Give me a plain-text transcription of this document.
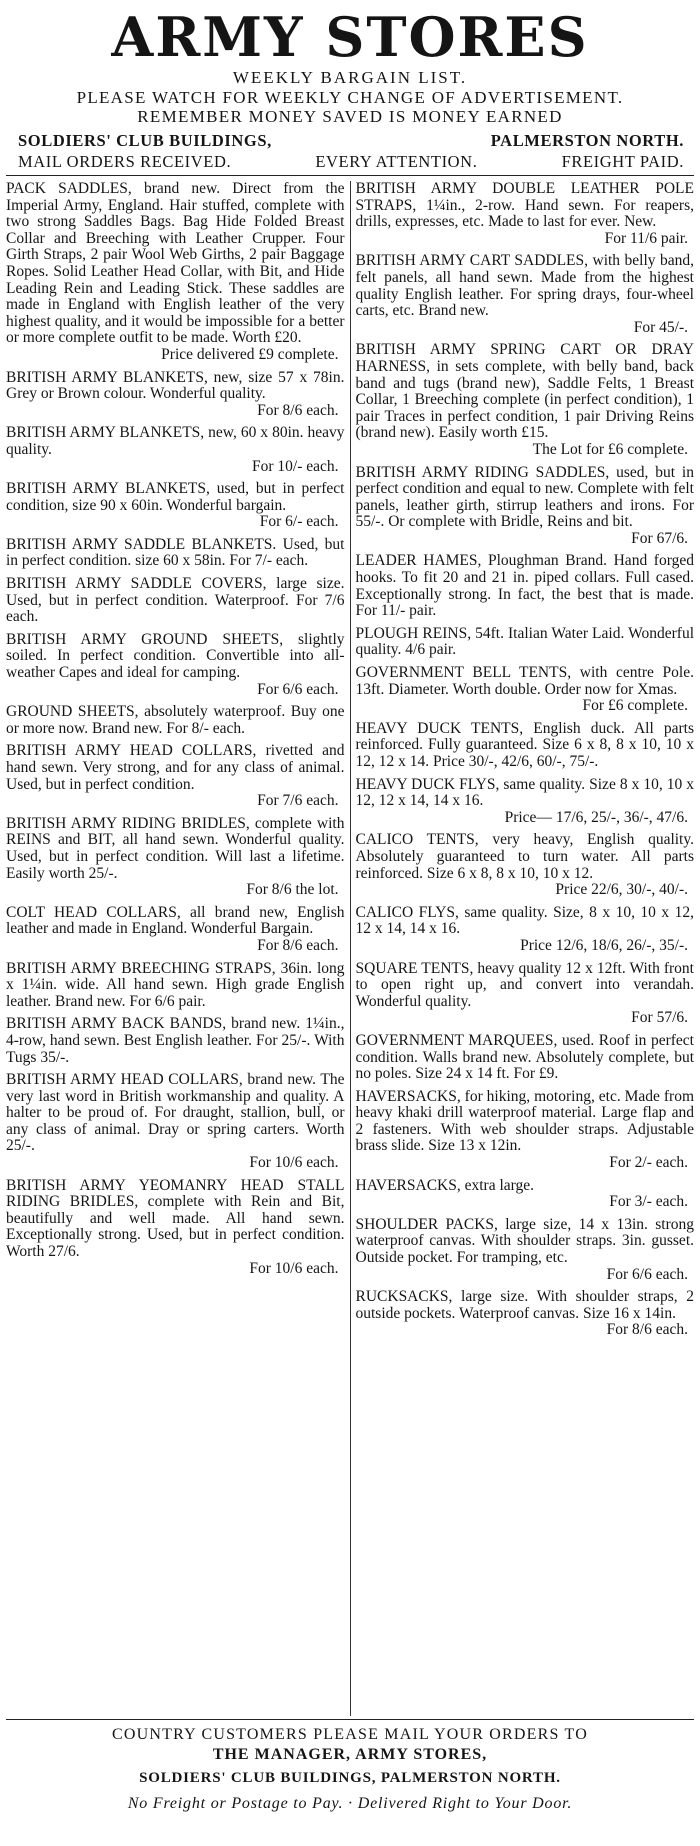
ARMY STORES
WEEKLY BARGAIN LIST.
PLEASE WATCH FOR WEEKLY CHANGE OF ADVERTISEMENT.
REMEMBER MONEY SAVED IS MONEY EARNED
SOLDIERS' CLUB BUILDINGS,	PALMERSTON NORTH.
MAIL ORDERS RECEIVED.	EVERY ATTENTION.	FREIGHT PAID.

PACK SADDLES, brand new. Direct from the Imperial Army, England. Hair stuffed, complete with two strong Saddles Bags. Bag Hide Folded Breast Collar and Breeching with Leather Crupper. Four Girth Straps, 2 pair Wool Web Girths, 2 pair Baggage Ropes. Solid Leather Head Collar, with Bit, and Hide Leading Rein and Leading Stick. These saddles are made in England with English leather of the very highest quality, and it would be impossible for a better or more complete outfit to be made. Worth £20.

Price delivered £9 complete.

BRITISH ARMY BLANKETS, new, size 57 x 78in. Grey or Brown colour. Wonderful quality.

For 8/6 each.

BRITISH ARMY BLANKETS, new, 60 x 80in. heavy quality.

For 10/- each.

BRITISH ARMY BLANKETS, used, but in perfect condition, size 90 x 60in. Wonderful bargain.

For 6/- each.

BRITISH ARMY SADDLE BLANKETS. Used, but in perfect condition. size 60 x 58in. For 7/- each.

BRITISH ARMY SADDLE COVERS, large size. Used, but in perfect condition. Waterproof. For 7/6 each.

BRITISH ARMY GROUND SHEETS, slightly soiled. In perfect condition. Convertible into all-weather Capes and ideal for camping.

For 6/6 each.

GROUND SHEETS, absolutely waterproof. Buy one or more now. Brand new. For 8/- each.

BRITISH ARMY HEAD COLLARS, rivetted and hand sewn. Very strong, and for any class of animal. Used, but in perfect condition.

For 7/6 each.

BRITISH ARMY RIDING BRIDLES, complete with REINS and BIT, all hand sewn. Wonderful quality. Used, but in perfect condition. Will last a lifetime. Easily worth 25/-.

For 8/6 the lot.

COLT HEAD COLLARS, all brand new, English leather and made in England. Wonderful Bargain.

For 8/6 each.

BRITISH ARMY BREECHING STRAPS, 36in. long x 1¼in. wide. All hand sewn. High grade English leather. Brand new. For 6/6 pair.

BRITISH ARMY BACK BANDS, brand new. 1¼in., 4-row, hand sewn. Best English leather. For 25/-. With Tugs 35/-.

BRITISH ARMY HEAD COLLARS, brand new. The very last word in British workmanship and quality. A halter to be proud of. For draught, stallion, bull, or any class of animal. Dray or spring carters. Worth 25/-.

For 10/6 each.

BRITISH ARMY YEOMANRY HEAD STALL RIDING BRIDLES, complete with Rein and Bit, beautifully and well made. All hand sewn. Exceptionally strong. Used, but in perfect condition. Worth 27/6.

For 10/6 each.

BRITISH ARMY DOUBLE LEATHER POLE STRAPS, 1¼in., 2-row. Hand sewn. For reapers, drills, expresses, etc. Made to last for ever. New.

For 11/6 pair.

BRITISH ARMY CART SADDLES, with belly band, felt panels, all hand sewn. Made from the highest quality English leather. For spring drays, four-wheel carts, etc. Brand new.

For 45/-.

BRITISH ARMY SPRING CART OR DRAY HARNESS, in sets complete, with belly band, back band and tugs (brand new), Saddle Felts, 1 Breast Collar, 1 Breeching complete (in perfect condition), 1 pair Traces in perfect condition, 1 pair Driving Reins (brand new). Easily worth £15.

The Lot for £6 complete.

BRITISH ARMY RIDING SADDLES, used, but in perfect condition and equal to new. Complete with felt panels, leather girth, stirrup leathers and irons. For 55/-. Or complete with Bridle, Reins and bit.

For 67/6.

LEADER HAMES, Ploughman Brand. Hand forged hooks. To fit 20 and 21 in. piped collars. Full cased. Exceptionally strong. In fact, the best that is made. For 11/- pair.

PLOUGH REINS, 54ft. Italian Water Laid. Wonderful quality. 4/6 pair.

GOVERNMENT BELL TENTS, with centre Pole. 13ft. Diameter. Worth double. Order now for Xmas.

For £6 complete.

HEAVY DUCK TENTS, English duck. All parts reinforced. Fully guaranteed. Size 6 x 8, 8 x 10, 10 x 12, 12 x 14. Price 30/-, 42/6, 60/-, 75/-.

HEAVY DUCK FLYS, same quality. Size 8 x 10, 10 x 12, 12 x 14, 14 x 16.

Price— 17/6, 25/-, 36/-, 47/6.

CALICO TENTS, very heavy, English quality. Absolutely guaranteed to turn water. All parts reinforced. Size 6 x 8, 8 x 10, 10 x 12.

Price 22/6, 30/-, 40/-.

CALICO FLYS, same quality. Size, 8 x 10, 10 x 12, 12 x 14, 14 x 16.

Price 12/6, 18/6, 26/-, 35/-.

SQUARE TENTS, heavy quality 12 x 12ft. With front to open right up, and convert into verandah. Wonderful quality.

For 57/6.

GOVERNMENT MARQUEES, used. Roof in perfect condition. Walls brand new. Absolutely complete, but no poles. Size 24 x 14 ft. For £9.

HAVERSACKS, for hiking, motoring, etc. Made from heavy khaki drill waterproof material. Large flap and 2 fasteners. With web shoulder straps. Adjustable brass slide. Size 13 x 12in.

For 2/- each.

HAVERSACKS, extra large.

For 3/- each.

SHOULDER PACKS, large size, 14 x 13in. strong waterproof canvas. With shoulder straps. 3in. gusset. Outside pocket. For tramping, etc.

For 6/6 each.

RUCKSACKS, large size. With shoulder straps, 2 outside pockets. Waterproof canvas. Size 16 x 14in.

For 8/6 each.
COUNTRY CUSTOMERS PLEASE MAIL YOUR ORDERS TO
THE MANAGER, ARMY STORES,
SOLDIERS' CLUB BUILDINGS, PALMERSTON NORTH.
No Freight or Postage to Pay. · Delivered Right to Your Door.
